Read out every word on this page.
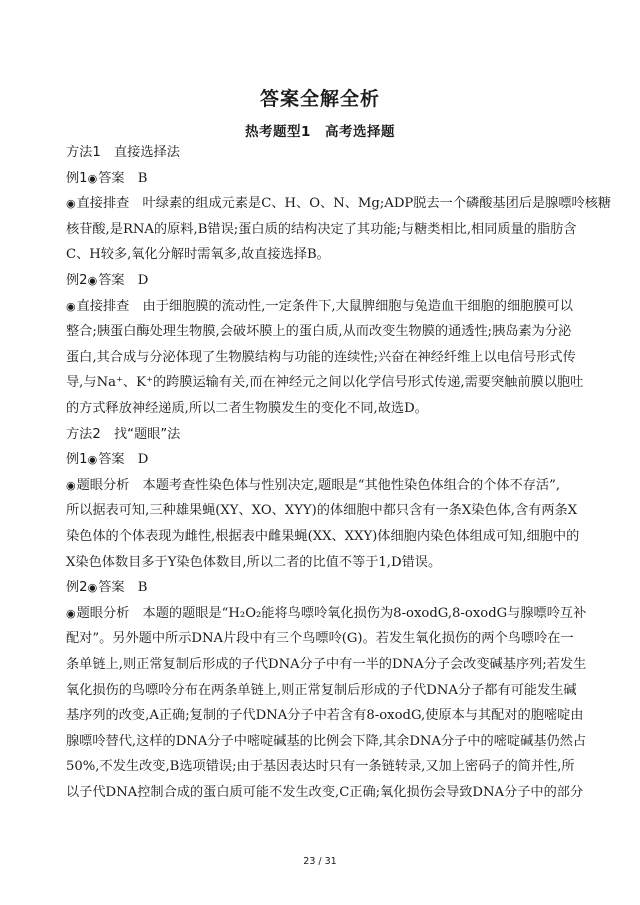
答案全解全析
热考题型1　高考选择题
方法1　直接选择法
例1◉答案　B
◉直接排查　叶绿素的组成元素是C、H、O、N、Mg;ADP脱去一个磷酸基团后是腺嘌呤核糖
核苷酸,是RNA的原料,B错误;蛋白质的结构决定了其功能;与糖类相比,相同质量的脂肪含
C、H较多,氧化分解时需氧多,故直接选择B。
例2◉答案　D
◉直接排查　由于细胞膜的流动性,一定条件下,大鼠脾细胞与兔造血干细胞的细胞膜可以
整合;胰蛋白酶处理生物膜,会破坏膜上的蛋白质,从而改变生物膜的通透性;胰岛素为分泌
蛋白,其合成与分泌体现了生物膜结构与功能的连续性;兴奋在神经纤维上以电信号形式传
导,与Na⁺、K⁺的跨膜运输有关,而在神经元之间以化学信号形式传递,需要突触前膜以胞吐
的方式释放神经递质,所以二者生物膜发生的变化不同,故选D。
方法2　找“题眼”法
例1◉答案　D
◉题眼分析　本题考查性染色体与性别决定,题眼是“其他性染色体组合的个体不存活”,
所以据表可知,三种雄果蝇(XY、XO、XYY)的体细胞中都只含有一条X染色体,含有两条X
染色体的个体表现为雌性,根据表中雌果蝇(XX、XXY)体细胞内染色体组成可知,细胞中的
X染色体数目多于Y染色体数目,所以二者的比值不等于1,D错误。
例2◉答案　B
◉题眼分析　本题的题眼是“H₂O₂能将鸟嘌呤氧化损伤为8-oxodG,8-oxodG与腺嘌呤互补
配对”。另外题中所示DNA片段中有三个鸟嘌呤(G)。若发生氧化损伤的两个鸟嘌呤在一
条单链上,则正常复制后形成的子代DNA分子中有一半的DNA分子会改变碱基序列;若发生
氧化损伤的鸟嘌呤分布在两条单链上,则正常复制后形成的子代DNA分子都有可能发生碱
基序列的改变,A正确;复制的子代DNA分子中若含有8-oxodG,使原本与其配对的胞嘧啶由
腺嘌呤替代,这样的DNA分子中嘧啶碱基的比例会下降,其余DNA分子中的嘧啶碱基仍然占
50%,不发生改变,B选项错误;由于基因表达时只有一条链转录,又加上密码子的简并性,所
以子代DNA控制合成的蛋白质可能不发生改变,C正确;氧化损伤会导致DNA分子中的部分
23 / 31
